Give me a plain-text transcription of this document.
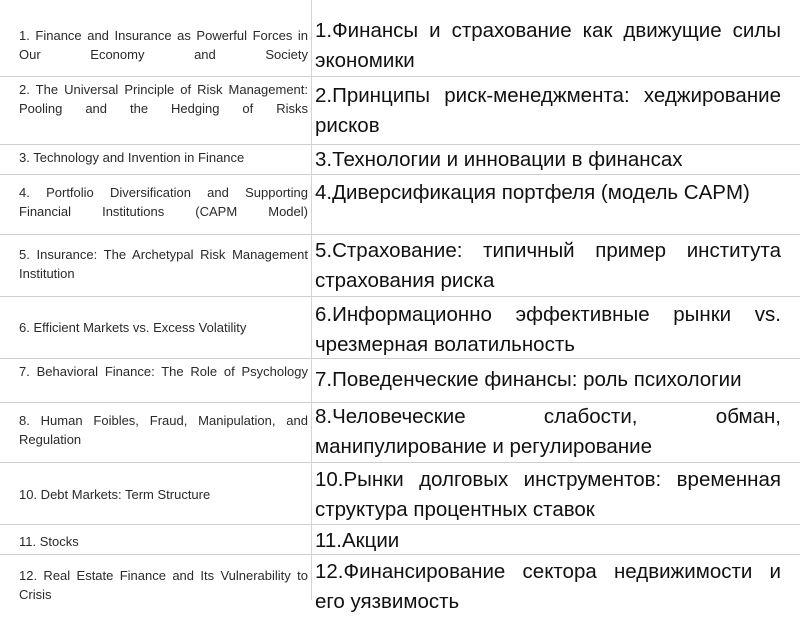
1. Finance and Insurance as Powerful Forces in Our Economy and Society
1.Финансы и страхование как движущие силы экономики
2. The Universal Principle of Risk Management: Pooling and the Hedging of Risks
2.Принципы риск-менеджмента: хеджирование рисков
3. Technology and Invention in Finance	3.Технологии и инновации в финансах
4. Portfolio Diversification and Supporting Financial Institutions (CAPM Model)
4.Диверсификация портфеля (модель CAPM)
5. Insurance: The Archetypal Risk Management Institution
5.Страхование: типичный пример института страхования риска
6. Efficient Markets vs. Excess Volatility
6.Информационно эффективные рынки vs. чрезмерная волатильность
7. Behavioral Finance: The Role of Psychology 7.Поведенческие финансы: роль психологии
8. Human Foibles, Fraud, Manipulation, and Regulation
8.Человеческие слабости, обман, манипулирование и регулирование
10. Debt Markets: Term Structure
10.Рынки долговых инструментов: временная структура процентных ставок
11. Stocks	11.Акции
12. Real Estate Finance and Its Vulnerability to Crisis
12.Финансирование сектора недвижимости и его уязвимость
